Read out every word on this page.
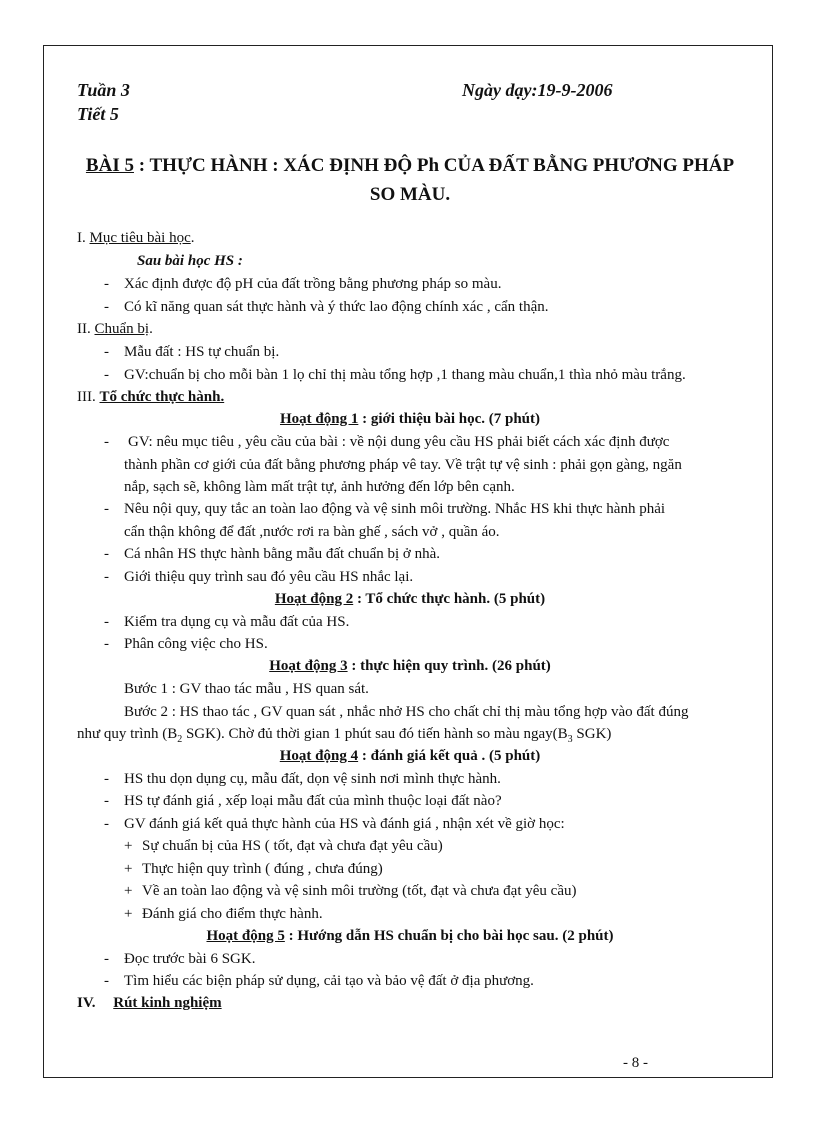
Tuần 3
Tiết 5
Ngày dạy:19-9-2006
BÀI 5 : THỰC HÀNH : XÁC ĐỊNH ĐỘ Ph CỦA ĐẤT BẰNG PHƯƠNG PHÁP
SO MÀU.
I. Mục tiêu bài học.
Sau bài học HS :
- Xác định được độ pH của đất trồng bằng phương pháp so màu.
- Có kĩ năng quan sát thực hành và ý thức lao động chính xác , cẩn thận.
II. Chuẩn bị.
- Mẫu đất : HS tự chuẩn bị.
- GV:chuẩn bị cho mỗi bàn 1 lọ chỉ thị màu tổng hợp ,1 thang màu chuẩn,1 thìa nhỏ màu trắng.
III. Tổ chức thực hành.
Hoạt động 1 : giới thiệu bài học. (7 phút)
- GV: nêu mục tiêu , yêu cầu của bài : về nội dung yêu cầu HS phải biết cách xác định được
thành phần cơ giới của đất bằng phương pháp vê tay. Về trật tự vệ sinh : phải gọn gàng, ngăn
nắp, sạch sẽ, không làm mất trật tự, ảnh hưởng đến lớp bên cạnh.
- Nêu nội quy, quy tắc an toàn lao động và vệ sinh môi trường. Nhắc HS khi thực hành phải
cẩn thận không để đất ,nước rơi ra bàn ghế , sách vở , quần áo.
- Cá nhân HS thực hành bằng mẫu đất chuẩn bị ở nhà.
- Giới thiệu quy trình sau đó yêu cầu HS nhắc lại.
Hoạt động 2 : Tổ chức thực hành. (5 phút)
- Kiểm tra dụng cụ và mẫu đất của HS.
- Phân công việc cho HS.
Hoạt động 3 : thực hiện quy trình. (26 phút)
Bước 1 : GV thao tác mẫu , HS quan sát.
Bước 2 : HS thao tác , GV quan sát , nhắc nhở HS cho chất chỉ thị màu tổng hợp vào đất đúng
như quy trình ($B_2$ SGK). Chờ đủ thời gian 1 phút sau đó tiến hành so màu $ngay(B_3$ SGK)
Hoạt động 4 : đánh giá kết quả . (5 phút)
- HS thu dọn dụng cụ, mẫu đất, dọn vệ sinh nơi mình thực hành.
- HS tự đánh giá , xếp loại mẫu đất của mình thuộc loại đất nào?
- GV đánh giá kết quả thực hành của HS và đánh giá , nhận xét về giờ học:
+ Sự chuẩn bị của HS ( tốt, đạt và chưa đạt yêu cầu)
+ Thực hiện quy trình ( đúng , chưa đúng)
+ Về an toàn lao động và vệ sinh môi trường (tốt, đạt và chưa đạt yêu cầu)
+ Đánh giá cho điểm thực hành.
Hoạt động 5 : Hướng dẫn HS chuẩn bị cho bài học sau. (2 phút)
- Đọc trước bài 6 SGK.
- Tìm hiểu các biện pháp sử dụng, cải tạo và bảo vệ đất ở địa phương.
IV. Rút kinh nghiệm
- 8 -
